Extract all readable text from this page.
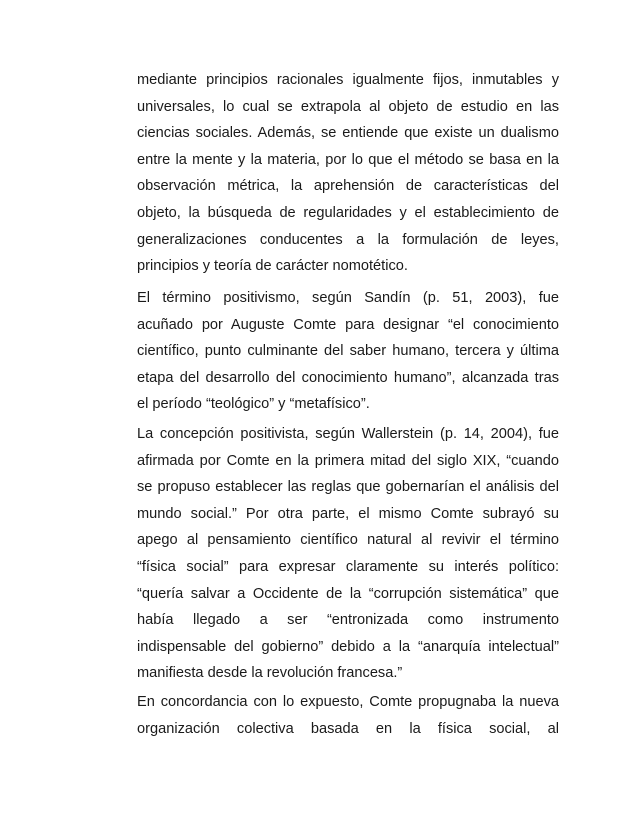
mediante principios racionales igualmente fijos, inmutables y
universales, lo cual se extrapola al objeto de estudio en las
ciencias sociales. Además, se entiende que existe un dualismo
entre la mente y la materia, por lo que el método se basa en la
observación métrica, la aprehensión de características del
objeto, la búsqueda de regularidades y el establecimiento de
generalizaciones conducentes a la formulación de leyes,
principios y teoría de carácter nomotético.
El término positivismo, según Sandín (p. 51, 2003), fue
acuñado por Auguste Comte para designar “el conocimiento
científico, punto culminante del saber humano, tercera y última
etapa del desarrollo del conocimiento humano”, alcanzada tras
el período “teológico” y “metafísico”.
La concepción positivista, según Wallerstein (p. 14, 2004), fue
afirmada por Comte en la primera mitad del siglo XIX, “cuando
se propuso establecer las reglas que gobernarían el análisis del
mundo social.” Por otra parte, el mismo Comte subrayó su
apego al pensamiento científico natural al revivir el término
“física social” para expresar claramente su interés político:
“quería salvar a Occidente de la “corrupción sistemática” que
había llegado a ser “entronizada como instrumento
indispensable del gobierno” debido a la “anarquía intelectual”
manifiesta desde la revolución francesa.”
En concordancia con lo expuesto, Comte propugnaba la nueva
organización colectiva basada en la física social, al
